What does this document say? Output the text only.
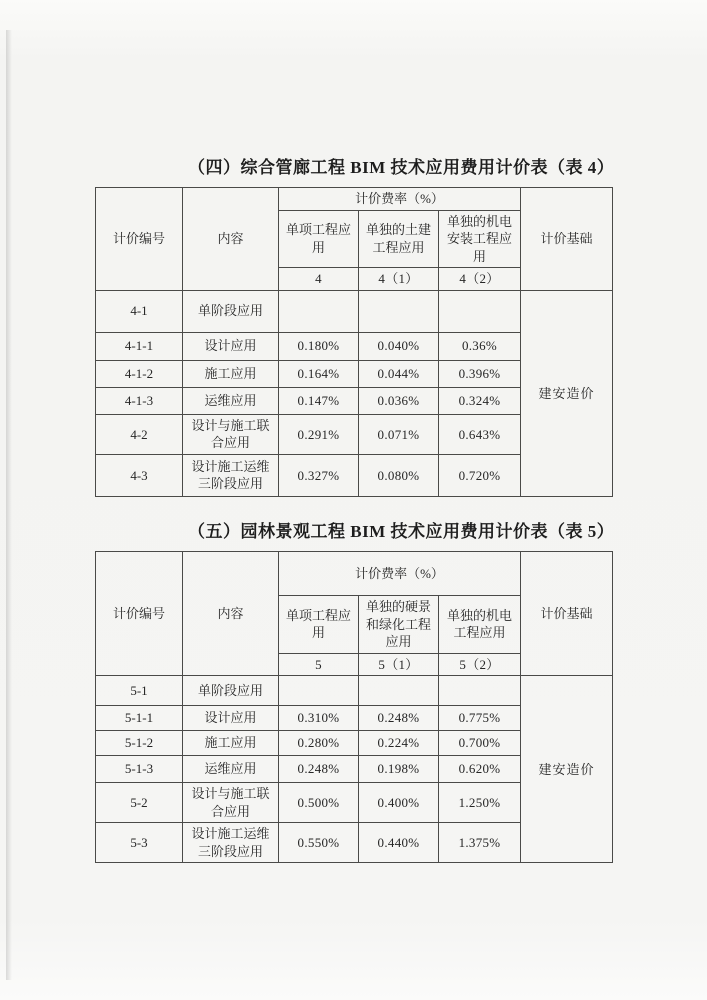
（四）综合管廊工程 BIM 技术应用费用计价表（表 4）
计价编号	内容	计价费率（%）			计价基础
		单项工程应用	单独的土建工程应用	单独的机电安装工程应用	
		4	4（1）	4（2）	
4-1	单阶段应用				建安造价
4-1-1	设计应用	0.180%	0.040%	0.36%	
4-1-2	施工应用	0.164%	0.044%	0.396%	
4-1-3	运维应用	0.147%	0.036%	0.324%	
4-2	设计与施工联合应用	0.291%	0.071%	0.643%	
4-3	设计施工运维三阶段应用	0.327%	0.080%	0.720%	
（五）园林景观工程 BIM 技术应用费用计价表（表 5）
计价编号	内容	计价费率（%）			计价基础
		单项工程应用	单独的硬景和绿化工程应用	单独的机电工程应用	
		5	5（1）	5（2）	
5-1	单阶段应用				建安造价
5-1-1	设计应用	0.310%	0.248%	0.775%	
5-1-2	施工应用	0.280%	0.224%	0.700%	
5-1-3	运维应用	0.248%	0.198%	0.620%	
5-2	设计与施工联合应用	0.500%	0.400%	1.250%	
5-3	设计施工运维三阶段应用	0.550%	0.440%	1.375%	
